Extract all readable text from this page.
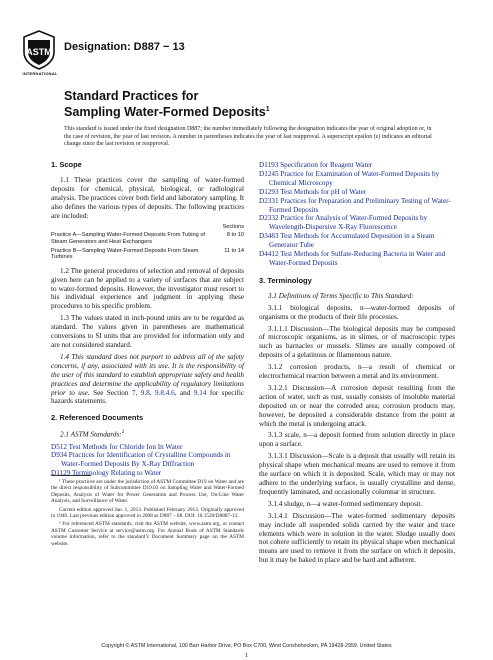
ASTM
INTERNATIONAL
Designation: D887 − 13
Standard Practices for
Sampling Water-Formed Deposits$^1$
This standard is issued under the fixed designation D887; the number immediately following the designation indicates the year of original adoption or, in the case of revision, the year of last revision. A number in parentheses indicates the year of last reapproval. A superscript epsilon (ε) indicates an editorial change since the last revision or reapproval.
1. Scope

1.1 These practices cover the sampling of water-formed deposits for chemical, physical, biological, or radiological analysis. The practices cover both field and laboratory sampling. It also defines the various types of deposits. The following practices are included:

Sections
Practice A—Sampling Water-Formed Deposits From Tubing of Steam Generators and Heat Exchangers	8 to 10
Practice B—Sampling Water-Formed Deposits From Steam Turbines	11 to 14

1.2 The general procedures of selection and removal of deposits given here can be applied to a variety of surfaces that are subject to water-formed deposits. However, the investigator must resort to his individual experience and judgment in applying these procedures to his specific problem.

1.3 The values stated in inch-pound units are to be regarded as standard. The values given in parentheses are mathematical conversions to SI units that are provided for information only and are not considered standard.

1.4 This standard does not purport to address all of the safety concerns, if any, associated with its use. It is the responsibility of the user of this standard to establish appropriate safety and health practices and determine the applicability of regulatory limitations prior to use. See Section 7, 9.8, 9.8.4.6, and 9.14 for specific hazards statements.

2. Referenced Documents

2.1 ASTM Standards:$^2$

D512 Test Methods for Chloride Ion In Water
D934 Practices for Identification of Crystalline Compounds in Water-Formed Deposits By X-Ray Diffraction
D1129 Terminology Relating to Water

¹ These practices are under the jurisdiction of ASTM Committee D19 on Water and are the direct responsibility of Subcommittee D19.03 on Sampling Water and Water-Formed Deposits, Analysis of Water for Power Generation and Process Use, On-Line Water Analysis, and Surveillance of Water.

Current edition approved Jan. 1, 2013. Published February 2013. Originally approved in 1946. Last previous edition approved in 2008 as D887 – 08. DOI: 10.1520/D0887-13.

² For referenced ASTM standards, visit the ASTM website, www.astm.org, or contact ASTM Customer Service at service@astm.org. For Annual Book of ASTM Standards volume information, refer to the standard’s Document Summary page on the ASTM website.

D1193 Specification for Reagent Water
D1245 Practice for Examination of Water-Formed Deposits by Chemical Microscopy
D1293 Test Methods for pH of Water
D2331 Practices for Preparation and Preliminary Testing of Water-Formed Deposits
D2332 Practice for Analysis of Water-Formed Deposits by Wavelength-Dispersive X-Ray Fluorescence
D3483 Test Methods for Accumulated Deposition in a Steam Generator Tube
D4412 Test Methods for Sulfate-Reducing Bacteria in Water and Water-Formed Deposits
3. Terminology

3.1 Definitions of Terms Specific to This Standard:

3.1.1 biological deposits, n—water-formed deposits of organisms or the products of their life processes.

3.1.1.1 Discussion—The biological deposits may be composed of microscopic organisms, as in slimes, or of macroscopic types such as barnacles or mussels. Slimes are usually composed of deposits of a gelatinous or filamentous nature.

3.1.2 corrosion products, n—a result of chemical or electrochemical reaction between a metal and its environment.

3.1.2.1 Discussion—A corrosion deposit resulting from the action of water, such as rust, usually consists of insoluble material deposited on or near the corroded area; corrosion products may, however, be deposited a considerable distance from the point at which the metal is undergoing attack.

3.1.3 scale, n—a deposit formed from solution directly in place upon a surface.

3.1.3.1 Discussion—Scale is a deposit that usually will retain its physical shape when mechanical means are used to remove it from the surface on which it is deposited. Scale, which may or may not adhere to the underlying surface, is usually crystalline and dense, frequently laminated, and occasionally columnar in structure.

3.1.4 sludge, n—a water-formed sedimentary deposit.

3.1.4.1 Discussion—The water-formed sedimentary deposits may include all suspended solids carried by the water and trace elements which were in solution in the water. Sludge usually does not cohere sufficiently to retain its physical shape when mechanical means are used to remove it from the surface on which it deposits, but it may be baked in place and be hard and adherent.

Copyright © ASTM International, 100 Barr Harbor Drive, PO Box C700, West Conshohocken, PA 19428-2959. United States
1
